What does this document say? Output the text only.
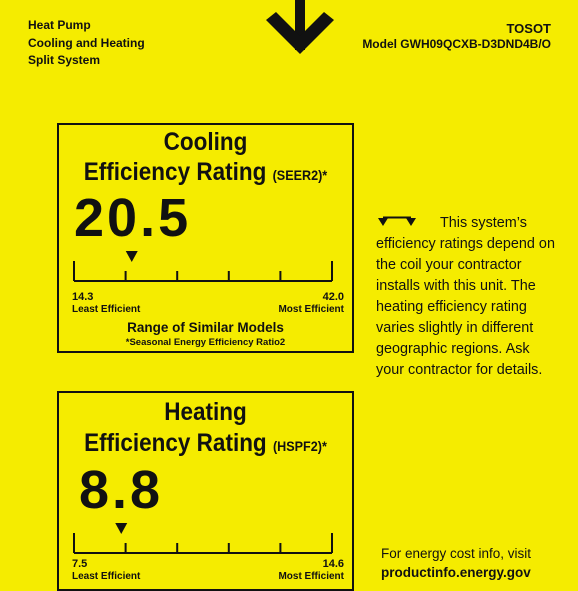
Heat Pump
Cooling and Heating
Split System
TOSOT
Model GWH09QCXB-D3DND4B/O
Cooling
Efficiency Rating (SEER2)*
20.5
14.3	42.0
Least Efficient	Most Efficient
Range of Similar Models
*Seasonal Energy Efficiency Ratio2
Heating
Efficiency Rating (HSPF2)*
8.8
7.5	14.6
Least Efficient	Most Efficient
This system’s efficiency ratings depend on the coil your contractor installs with this unit. The heating efficiency rating varies slightly in different geographic regions. Ask your contractor for details.
For energy cost info, visit
productinfo.energy.gov
